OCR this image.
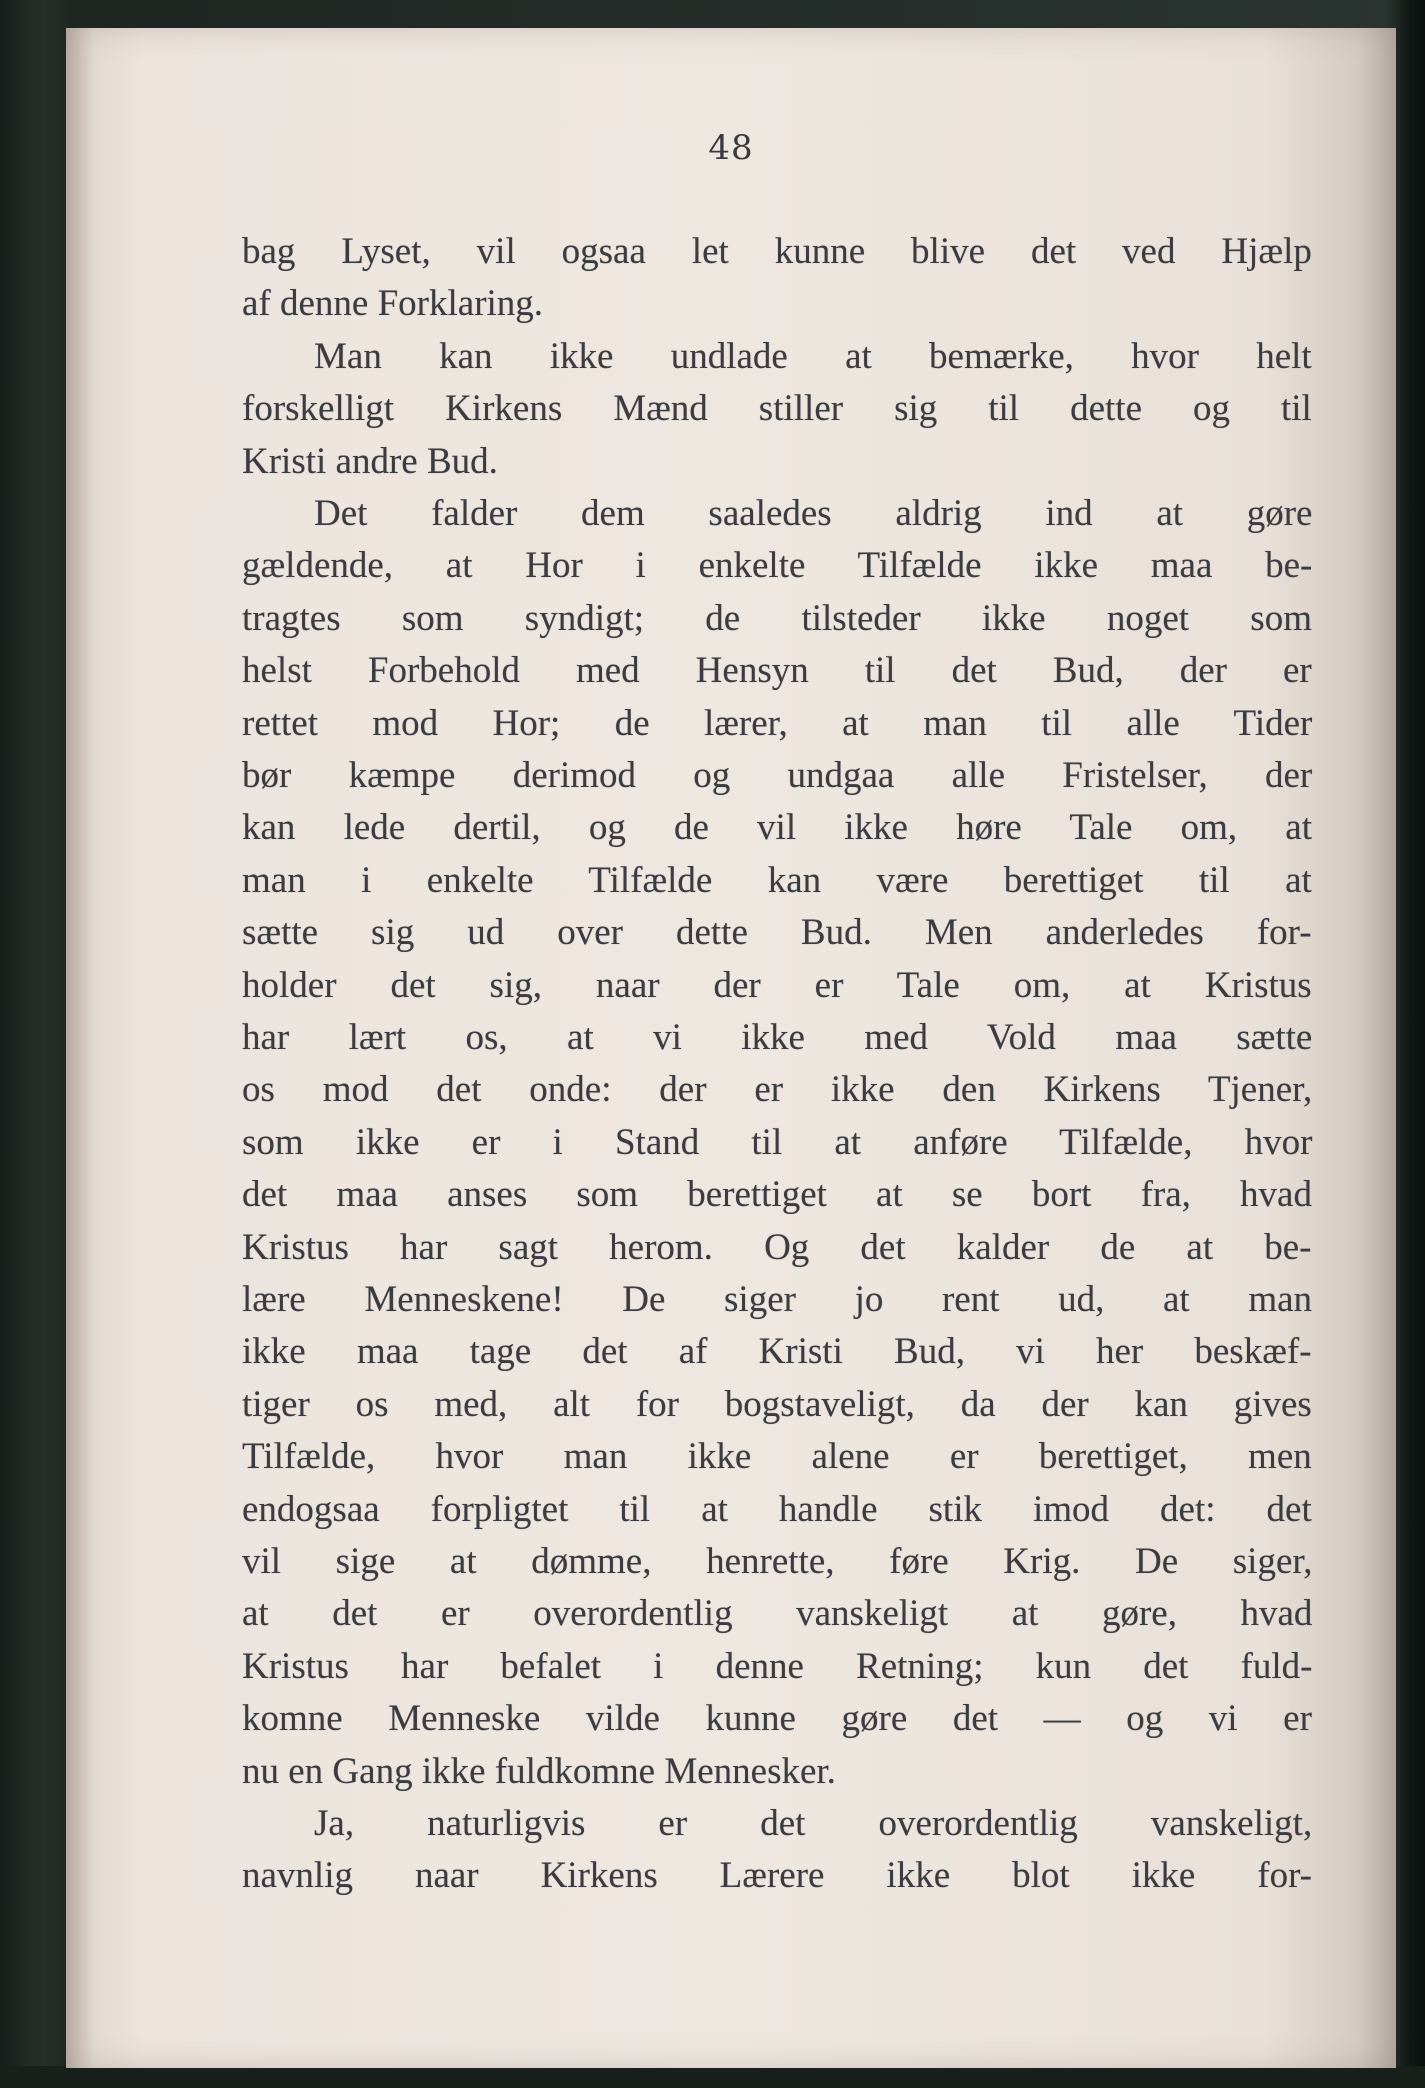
48
bag Lyset, vil ogsaa let kunne blive det ved Hjælp
af denne Forklaring.
Man kan ikke undlade at bemærke, hvor helt
forskelligt Kirkens Mænd stiller sig til dette og til
Kristi andre Bud.
Det falder dem saaledes aldrig ind at gøre
gældende, at Hor i enkelte Tilfælde ikke maa be-
tragtes som syndigt; de tilsteder ikke noget som
helst Forbehold med Hensyn til det Bud, der er
rettet mod Hor; de lærer, at man til alle Tider
bør kæmpe derimod og undgaa alle Fristelser, der
kan lede dertil, og de vil ikke høre Tale om, at
man i enkelte Tilfælde kan være berettiget til at
sætte sig ud over dette Bud. Men anderledes for-
holder det sig, naar der er Tale om, at Kristus
har lært os, at vi ikke med Vold maa sætte
os mod det onde: der er ikke den Kirkens Tjener,
som ikke er i Stand til at anføre Tilfælde, hvor
det maa anses som berettiget at se bort fra, hvad
Kristus har sagt herom. Og det kalder de at be-
lære Menneskene! De siger jo rent ud, at man
ikke maa tage det af Kristi Bud, vi her beskæf-
tiger os med, alt for bogstaveligt, da der kan gives
Tilfælde, hvor man ikke alene er berettiget, men
endogsaa forpligtet til at handle stik imod det: det
vil sige at dømme, henrette, føre Krig. De siger,
at det er overordentlig vanskeligt at gøre, hvad
Kristus har befalet i denne Retning; kun det fuld-
komne Menneske vilde kunne gøre det — og vi er
nu en Gang ikke fuldkomne Mennesker.
Ja, naturligvis er det overordentlig vanskeligt,
navnlig naar Kirkens Lærere ikke blot ikke for-
